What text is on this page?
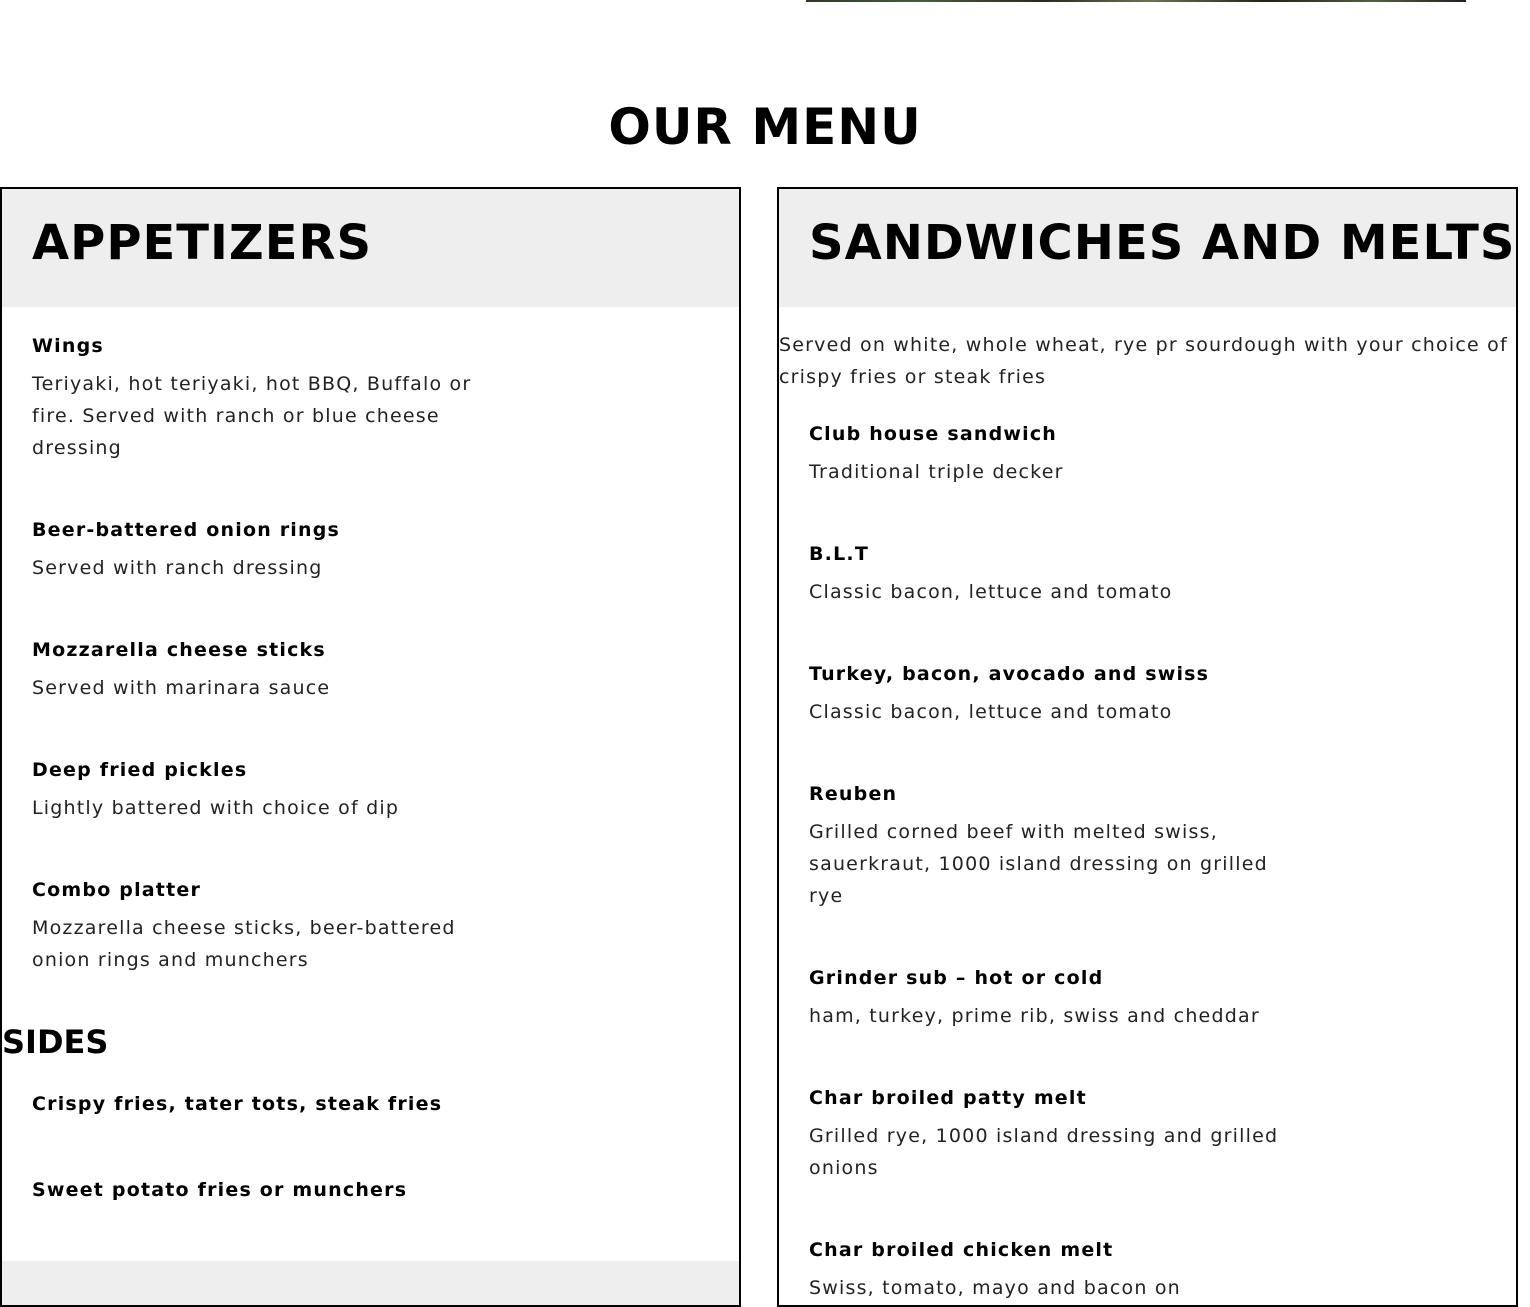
OUR MENU
APPETIZERS
Wings
Teriyaki, hot teriyaki, hot BBQ, Buffalo or fire. Served with ranch or blue cheese dressing
Beer-battered onion rings
Served with ranch dressing
Mozzarella cheese sticks
Served with marinara sauce
Deep fried pickles
Lightly battered with choice of dip
Combo platter
Mozzarella cheese sticks, beer-battered onion rings and munchers
SIDES
Crispy fries, tater tots, steak fries
Sweet potato fries or munchers
SANDWICHES AND MELTS

Served on white, whole wheat, rye pr sourdough with your choice of crispy fries or steak fries

Club house sandwich
Traditional triple decker
B.L.T
Classic bacon, lettuce and tomato
Turkey, bacon, avocado and swiss
Classic bacon, lettuce and tomato
Reuben
Grilled corned beef with melted swiss, sauerkraut, 1000 island dressing on grilled rye
Grinder sub – hot or cold
ham, turkey, prime rib, swiss and cheddar
Char broiled patty melt
Grilled rye, 1000 island dressing and grilled onions
Char broiled chicken melt
Swiss, tomato, mayo and bacon on
